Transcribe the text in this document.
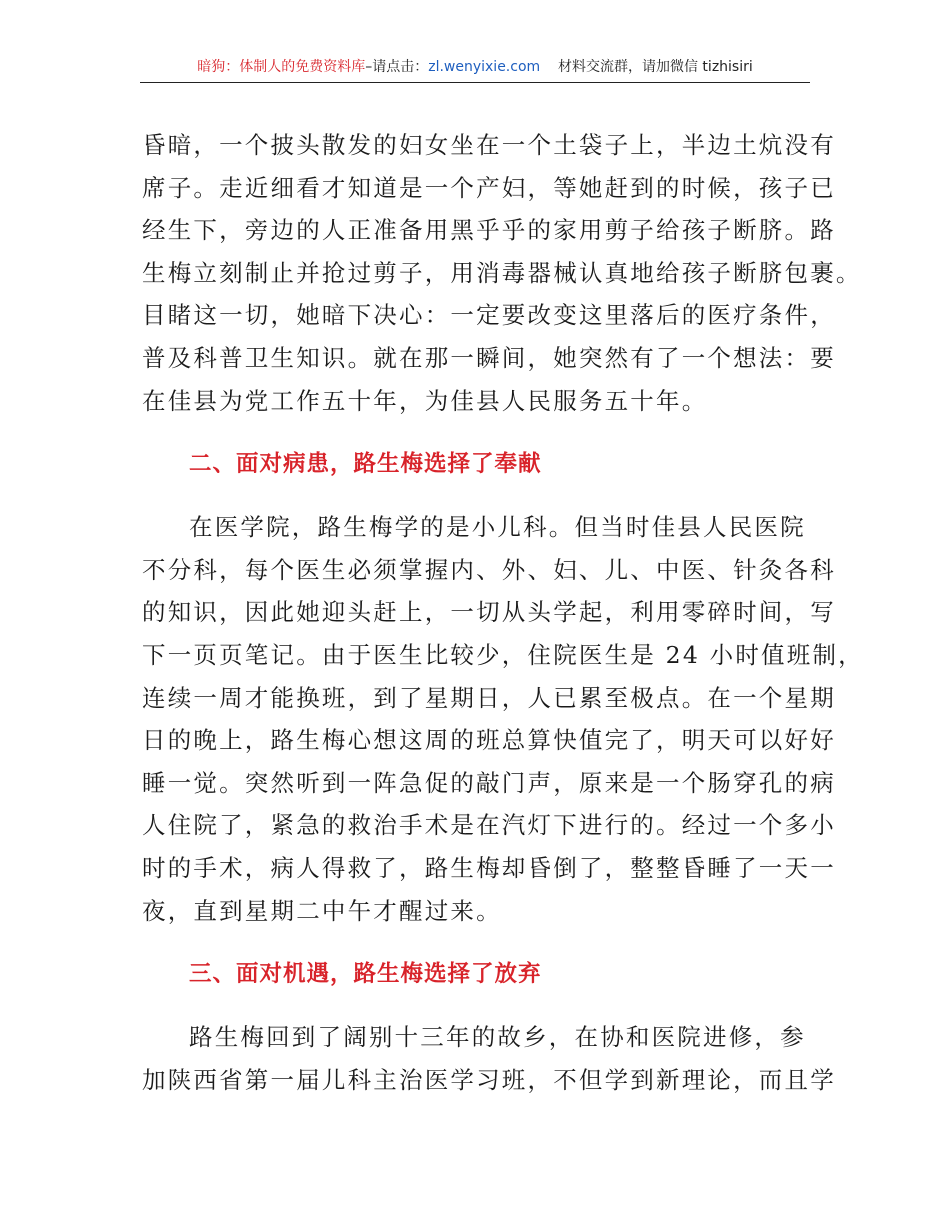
暗狗：体制人的免费资料库–请点击：zl.wenyixie.com 材料交流群，请加微信 tizhisiri
昏暗，一个披头散发的妇女坐在一个土袋子上，半边土炕没有
席子。走近细看才知道是一个产妇，等她赶到的时候，孩子已
经生下，旁边的人正准备用黑乎乎的家用剪子给孩子断脐。路
生梅立刻制止并抢过剪子，用消毒器械认真地给孩子断脐包裹。
目睹这一切，她暗下决心：一定要改变这里落后的医疗条件，
普及科普卫生知识。就在那一瞬间，她突然有了一个想法：要
在佳县为党工作五十年，为佳县人民服务五十年。
二、面对病患，路生梅选择了奉献
在医学院，路生梅学的是小儿科。但当时佳县人民医院
不分科，每个医生必须掌握内、外、妇、儿、中医、针灸各科
的知识，因此她迎头赶上，一切从头学起，利用零碎时间，写
下一页页笔记。由于医生比较少，住院医生是 24 小时值班制，
连续一周才能换班，到了星期日，人已累至极点。在一个星期
日的晚上，路生梅心想这周的班总算快值完了，明天可以好好
睡一觉。突然听到一阵急促的敲门声，原来是一个肠穿孔的病
人住院了，紧急的救治手术是在汽灯下进行的。经过一个多小
时的手术，病人得救了，路生梅却昏倒了，整整昏睡了一天一
夜，直到星期二中午才醒过来。
三、面对机遇，路生梅选择了放弃
路生梅回到了阔别十三年的故乡，在协和医院进修，参
加陕西省第一届儿科主治医学习班，不但学到新理论，而且学
